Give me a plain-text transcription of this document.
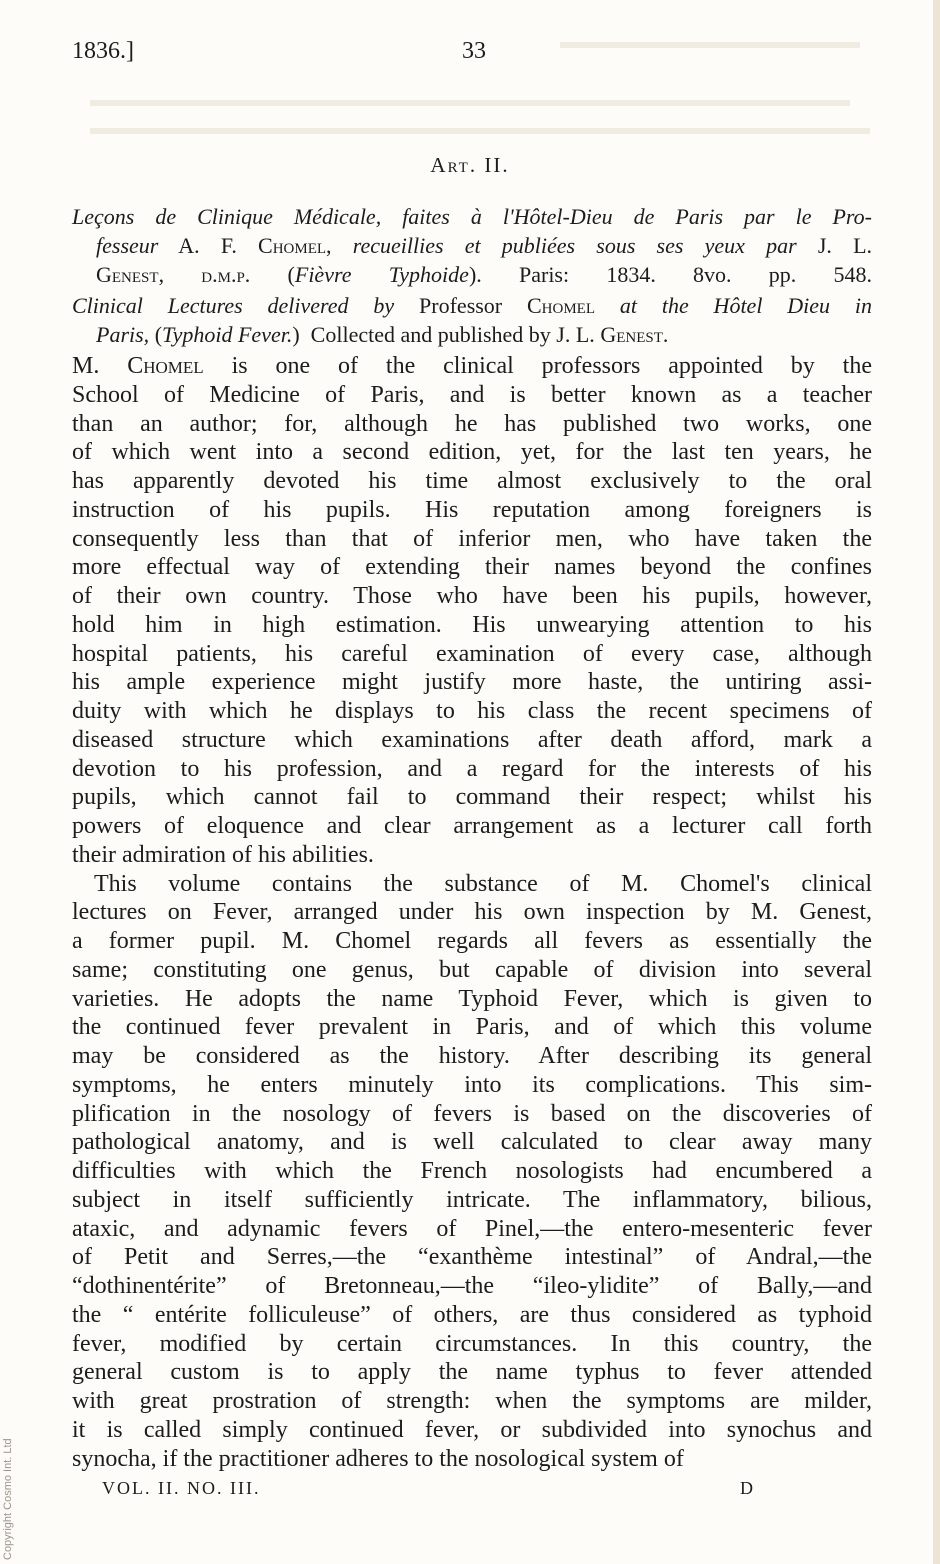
1836.]	33
Art. II.

Leçons de Clinique Médicale, faites à l'Hôtel-Dieu de Paris par le Pro-

fesseur A. F. Chomel, recueillies et publiées sous ses yeux par J. L.

Genest, d.m.p. (Fièvre Typhoide). Paris: 1834. 8vo. pp. 548.

Clinical Lectures delivered by Professor Chomel at the Hôtel Dieu in

Paris, (Typhoid Fever.)  Collected and published by J. L. Genest.

M. Chomel is one of the clinical professors appointed by the
School of Medicine of Paris, and is better known as a teacher
than an author; for, although he has published two works, one
of which went into a second edition, yet, for the last ten years, he
has apparently devoted his time almost exclusively to the oral
instruction of his pupils. His reputation among foreigners is
consequently less than that of inferior men, who have taken the
more effectual way of extending their names beyond the confines
of their own country. Those who have been his pupils, however,
hold him in high estimation. His unwearying attention to his
hospital patients, his careful examination of every case, although
his ample experience might justify more haste, the untiring assi-
duity with which he displays to his class the recent specimens of
diseased structure which examinations after death afford, mark a
devotion to his profession, and a regard for the interests of his
pupils, which cannot fail to command their respect; whilst his
powers of eloquence and clear arrangement as a lecturer call forth
their admiration of his abilities.
This volume contains the substance of M. Chomel's clinical
lectures on Fever, arranged under his own inspection by M. Genest,
a former pupil. M. Chomel regards all fevers as essentially the
same; constituting one genus, but capable of division into several
varieties. He adopts the name Typhoid Fever, which is given to
the continued fever prevalent in Paris, and of which this volume
may be considered as the history. After describing its general
symptoms, he enters minutely into its complications. This sim-
plification in the nosology of fevers is based on the discoveries of
pathological anatomy, and is well calculated to clear away many
difficulties with which the French nosologists had encumbered a
subject in itself sufficiently intricate. The inflammatory, bilious,
ataxic, and adynamic fevers of Pinel,—the entero-mesenteric fever
of Petit and Serres,—the “exanthème intestinal” of Andral,—the
“dothinentérite” of Bretonneau,—the “ileo-ylidite” of Bally,—and
the “ entérite folliculeuse” of others, are thus considered as typhoid
fever, modified by certain circumstances. In this country, the
general custom is to apply the name typhus to fever attended
with great prostration of strength: when the symptoms are milder,
it is called simply continued fever, or subdivided into synochus and
synocha, if the practitioner adheres to the nosological system of
VOL. II. NO. III.	D
Copyright Cosmo Int. Ltd
